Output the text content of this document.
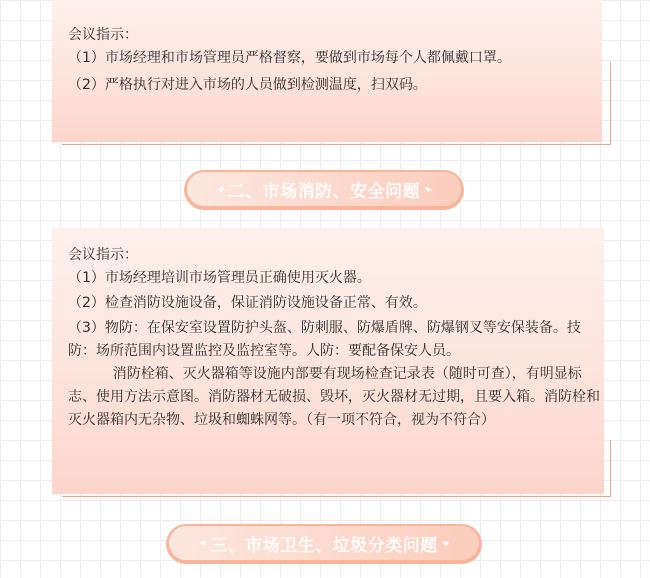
会议指示：

（1）市场经理和市场管理员严格督察，要做到市场每个人都佩戴口罩。

（2）严格执行对进入市场的人员做到检测温度，扫双码。

◂· 二、市场消防、安全问题 ·▸

会议指示：

（1）市场经理培训市场管理员正确使用灭火器。

（2）检查消防设施设备，保证消防设施设备正常、有效。

（3）物防：在保安室设置防护头盔、防刺服、防爆盾牌、防爆钢叉等安保装备。技防：场所范围内设置监控及监控室等。人防：要配备保安人员。

消防栓箱、灭火器箱等设施内部要有现场检查记录表（随时可查），有明显标志、使用方法示意图。消防器材无破损、毁坏，灭火器材无过期，且要入箱。消防栓和灭火器箱内无杂物、垃圾和蜘蛛网等。（有一项不符合，视为不符合）

◂· 三、市场卫生、垃圾分类问题 ·▸
